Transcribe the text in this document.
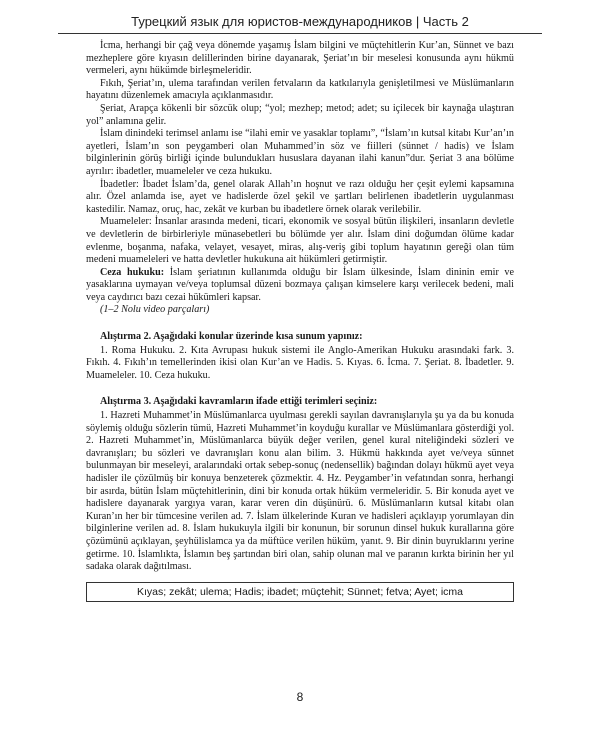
Турецкий язык для юристов-международников | Часть 2

İcma, herhangi bir çağ veya dönemde yaşamış İslam bilgini ve müçtehitlerin Kur’an, Sünnet ve bazı mezheplere göre kıyasın delillerinden birine dayanarak, Şeriat’ın bir meselesi konusunda aynı hükmü vermeleri, aynı hükümde birleşmeleridir.

Fıkıh, Şeriat’ın, ulema tarafından verilen fetvaların da katkılarıyla genişletilmesi ve Müslümanların hayatını düzenlemek amacıyla açıklanmasıdır.

Şeriat, Arapça kökenli bir sözcük olup; “yol; mezhep; metod; adet; su içilecek bir kaynağa ulaştıran yol” anlamına gelir.

İslam dinindeki terimsel anlamı ise “ilahi emir ve yasaklar toplamı”, “İslam’ın kutsal kitabı Kur’an’ın ayetleri, İslam’ın son peygamberi olan Muhammed’in söz ve fiilleri (sünnet / hadis) ve İslam bilginlerinin görüş birliği içinde bulundukları hususlara dayanan ilahi kanun”dur. Şeriat 3 ana bölüme ayrılır: ibadetler, muameleler ve ceza hukuku.

İbadetler: İbadet İslam’da, genel olarak Allah’ın hoşnut ve razı olduğu her çeşit eylemi kapsamına alır. Özel anlamda ise, ayet ve hadislerde özel şekil ve şartları belirlenen ibadetlerin uygulanması kastedilir. Namaz, oruç, hac, zekât ve kurban bu ibadetlere örnek olarak verilebilir.

Muameleler: İnsanlar arasında medeni, ticari, ekonomik ve sosyal bütün ilişkileri, insanların devletle ve devletlerin de birbirleriyle münasebetleri bu bölümde yer alır. İslam dini doğumdan ölüme kadar evlenme, boşanma, nafaka, velayet, vesayet, miras, alış-veriş gibi toplum hayatının gereği olan tüm medeni muameleleri ve hatta devletler hukukuna ait hükümleri getirmiştir.

Ceza hukuku: İslam şeriatının kullanımda olduğu bir İslam ülkesinde, İslam dininin emir ve yasaklarına uymayan ve/veya toplumsal düzeni bozmaya çalışan kimselere karşı verilecek bedeni, mali veya caydırıcı bazı cezai hükümleri kapsar.

(1–2 Nolu video parçaları)

Alıştırma 2. Aşağıdaki konular üzerinde kısa sunum yapınız:

1. Roma Hukuku. 2. Kıta Avrupası hukuk sistemi ile Anglo-Amerikan Hukuku arasındaki fark. 3. Fıkıh. 4. Fıkıh’ın temellerinden ikisi olan Kur’an ve Hadis. 5. Kıyas. 6. İcma. 7. Şeriat. 8. İbadetler. 9. Muameleler. 10. Ceza hukuku.

Alıştırma 3. Aşağıdaki kavramların ifade ettiği terimleri seçiniz:

1. Hazreti Muhammet’in Müslümanlarca uyulması gerekli sayılan davranışlarıyla şu ya da bu konuda söylemiş olduğu sözlerin tümü, Hazreti Muhammet’in koyduğu kurallar ve Müslümanlara gösterdiği yol. 2. Hazreti Muhammet’in, Müslümanlarca büyük değer verilen, genel kural niteliğindeki sözleri ve davranışları; bu sözleri ve davranışları konu alan bilim. 3. Hükmü hakkında ayet ve/veya sünnet bulunmayan bir meseleyi, aralarındaki ortak sebep-sonuç (nedensellik) bağından dolayı hükmü ayet veya hadisler ile çözülmüş bir konuya benzeterek çözmektir. 4. Hz. Peygamber’in vefatından sonra, herhangi bir asırda, bütün İslam müçtehitlerinin, dini bir konuda ortak hüküm vermeleridir. 5. Bir konuda ayet ve hadislere dayanarak yargıya varan, karar veren din düşünürü. 6. Müslümanların kutsal kitabı olan Kuran’ın her bir tümcesine verilen ad. 7. İslam ülkelerinde Kuran ve hadisleri açıklayıp yorumlayan din bilginlerine verilen ad. 8. İslam hukukuyla ilgili bir konunun, bir sorunun dinsel hukuk kurallarına göre çözümünü açıklayan, şeyhülislamca ya da müftüce verilen hüküm, yanıt. 9. Bir dinin buyruklarını yerine getirme. 10. İslamlıkta, İslamın beş şartından biri olan, sahip olunan mal ve paranın kırkta birinin her yıl sadaka olarak dağıtılması.

Kıyas; zekât; ulema; Hadis; ibadet; müçtehit; Sünnet; fetva; Ayet; icma
8
